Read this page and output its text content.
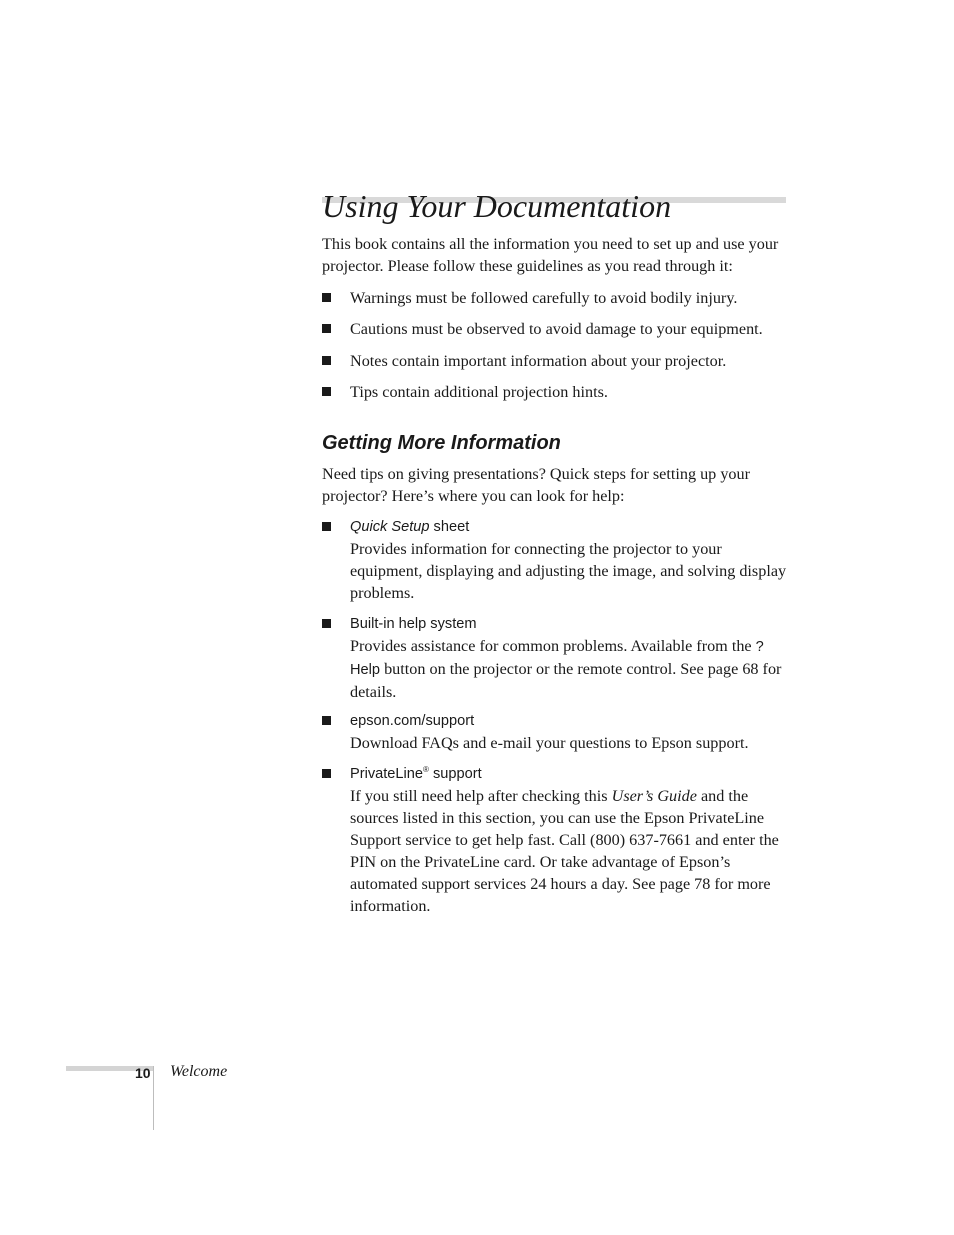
Using Your Documentation

This book contains all the information you need to set up and use your projector. Please follow these guidelines as you read through it:

Warnings must be followed carefully to avoid bodily injury.
Cautions must be observed to avoid damage to your equipment.
Notes contain important information about your projector.
Tips contain additional projection hints.
Getting More Information

Need tips on giving presentations? Quick steps for setting up your projector? Here’s where you can look for help:

Quick Setup sheet
Provides information for connecting the projector to your equipment, displaying and adjusting the image, and solving display problems.
Built-in help system
Provides assistance for common problems. Available from the ? Help button on the projector or the remote control. See page 68 for details.
epson.com/support
Download FAQs and e-mail your questions to Epson support.
PrivateLine® support
If you still need help after checking this User’s Guide and the sources listed in this section, you can use the Epson PrivateLine Support service to get help fast. Call (800) 637-7661 and enter the PIN on the PrivateLine card. Or take advantage of Epson’s automated support services 24 hours a day. See page 78 for more information.
10 Welcome
